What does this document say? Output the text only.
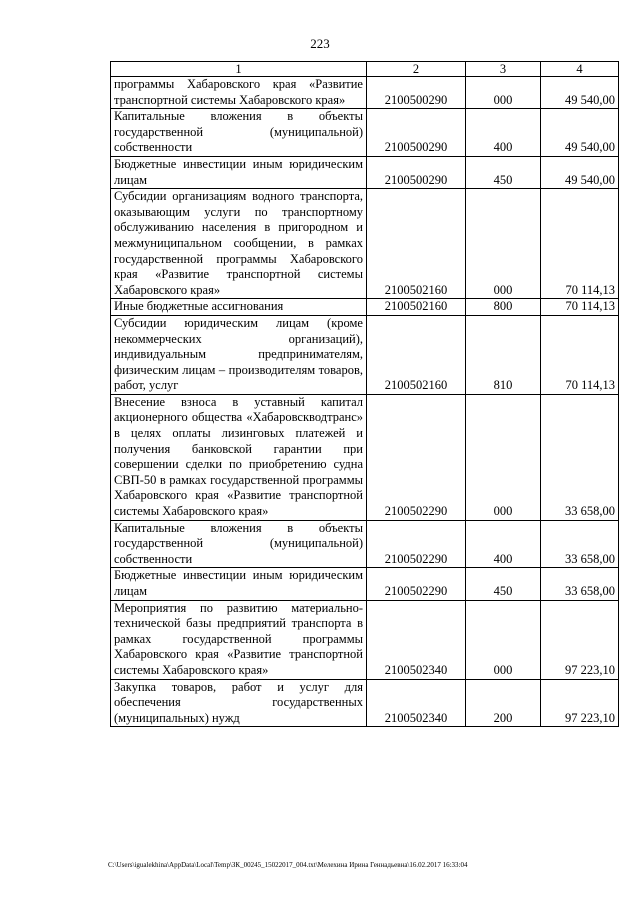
223
1	2	3	4
программы Хабаровского края «Развитие транспортной системы Хабаровского края»	2100500290	000	49 540,00
Капитальные вложения в объекты государственной (муниципальной) собственности	2100500290	400	49 540,00
Бюджетные инвестиции иным юридическим лицам	2100500290	450	49 540,00
Субсидии организациям водного транспорта, оказывающим услуги по транспортному обслуживанию населения в пригородном и межмуниципальном сообщении, в рамках государственной программы Хабаровского края «Развитие транспортной системы Хабаровского края»	2100502160	000	70 114,13
Иные бюджетные ассигнования	2100502160	800	70 114,13
Субсидии юридическим лицам (кроме некоммерческих организаций), индивидуальным предпринимателям, физическим лицам – производителям товаров, работ, услуг	2100502160	810	70 114,13
Внесение взноса в уставный капитал акционерного общества «Хабаровскводтранс» в целях оплаты лизинговых платежей и получения банковской гарантии при совершении сделки по приобретению судна СВП-50 в рамках государственной программы Хабаровского края «Развитие транспортной системы Хабаровского края»	2100502290	000	33 658,00
Капитальные вложения в объекты государственной (муниципальной) собственности	2100502290	400	33 658,00
Бюджетные инвестиции иным юридическим лицам	2100502290	450	33 658,00
Мероприятия по развитию материально-технической базы предприятий транспорта в рамках государственной программы Хабаровского края «Развитие транспортной системы Хабаровского края»	2100502340	000	97 223,10
Закупка товаров, работ и услуг для обеспечения государственных (муниципальных) нужд	2100502340	200	97 223,10
C:\Users\igualekhina\AppData\Local\Temp\ЗК_00245_15022017_004.txt\Мелехина Ирина Геннадьевна\16.02.2017 16:33:04
